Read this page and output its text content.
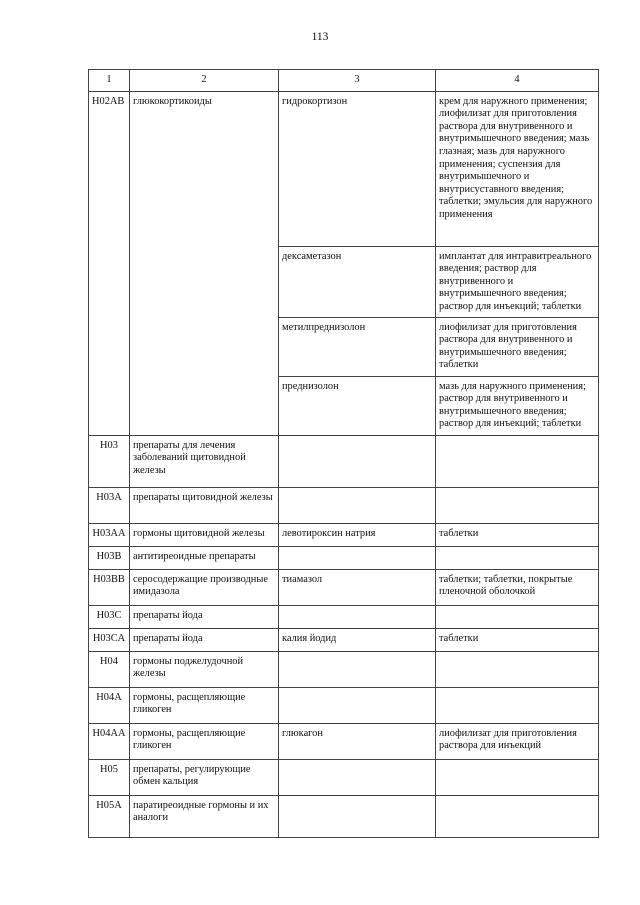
113
1	2	3	4
H02AB	глюкокортикоиды	гидрокортизон	крем для наружного применения; лиофилизат для приготовления раствора для внутривенного и внутримышечного введения; мазь глазная; мазь для наружного применения; суспензия для внутримышечного и внутрисуставного введения; таблетки; эмульсия для наружного применения
		дексаметазон	имплантат для интравитреального введения; раствор для внутривенного и внутримышечного введения; раствор для инъекций; таблетки
		метилпреднизолон	лиофилизат для приготовления раствора для внутривенного и внутримышечного введения; таблетки
		преднизолон	мазь для наружного применения; раствор для внутривенного и внутримышечного введения; раствор для инъекций; таблетки
H03	препараты для лечения заболеваний щитовидной железы		
H03A	препараты щитовидной железы		
H03AA	гормоны щитовидной железы	левотироксин натрия	таблетки
H03B	антитиреоидные препараты		
H03BB	серосодержащие производные имидазола	тиамазол	таблетки; таблетки, покрытые пленочной оболочкой
H03C	препараты йода		
H03CA	препараты йода	калия йодид	таблетки
H04	гормоны поджелудочной железы		
H04A	гормоны, расщепляющие гликоген		
H04AA	гормоны, расщепляющие гликоген	глюкагон	лиофилизат для приготовления раствора для инъекций
H05	препараты, регулирующие обмен кальция		
H05A	паратиреоидные гормоны и их аналоги		
